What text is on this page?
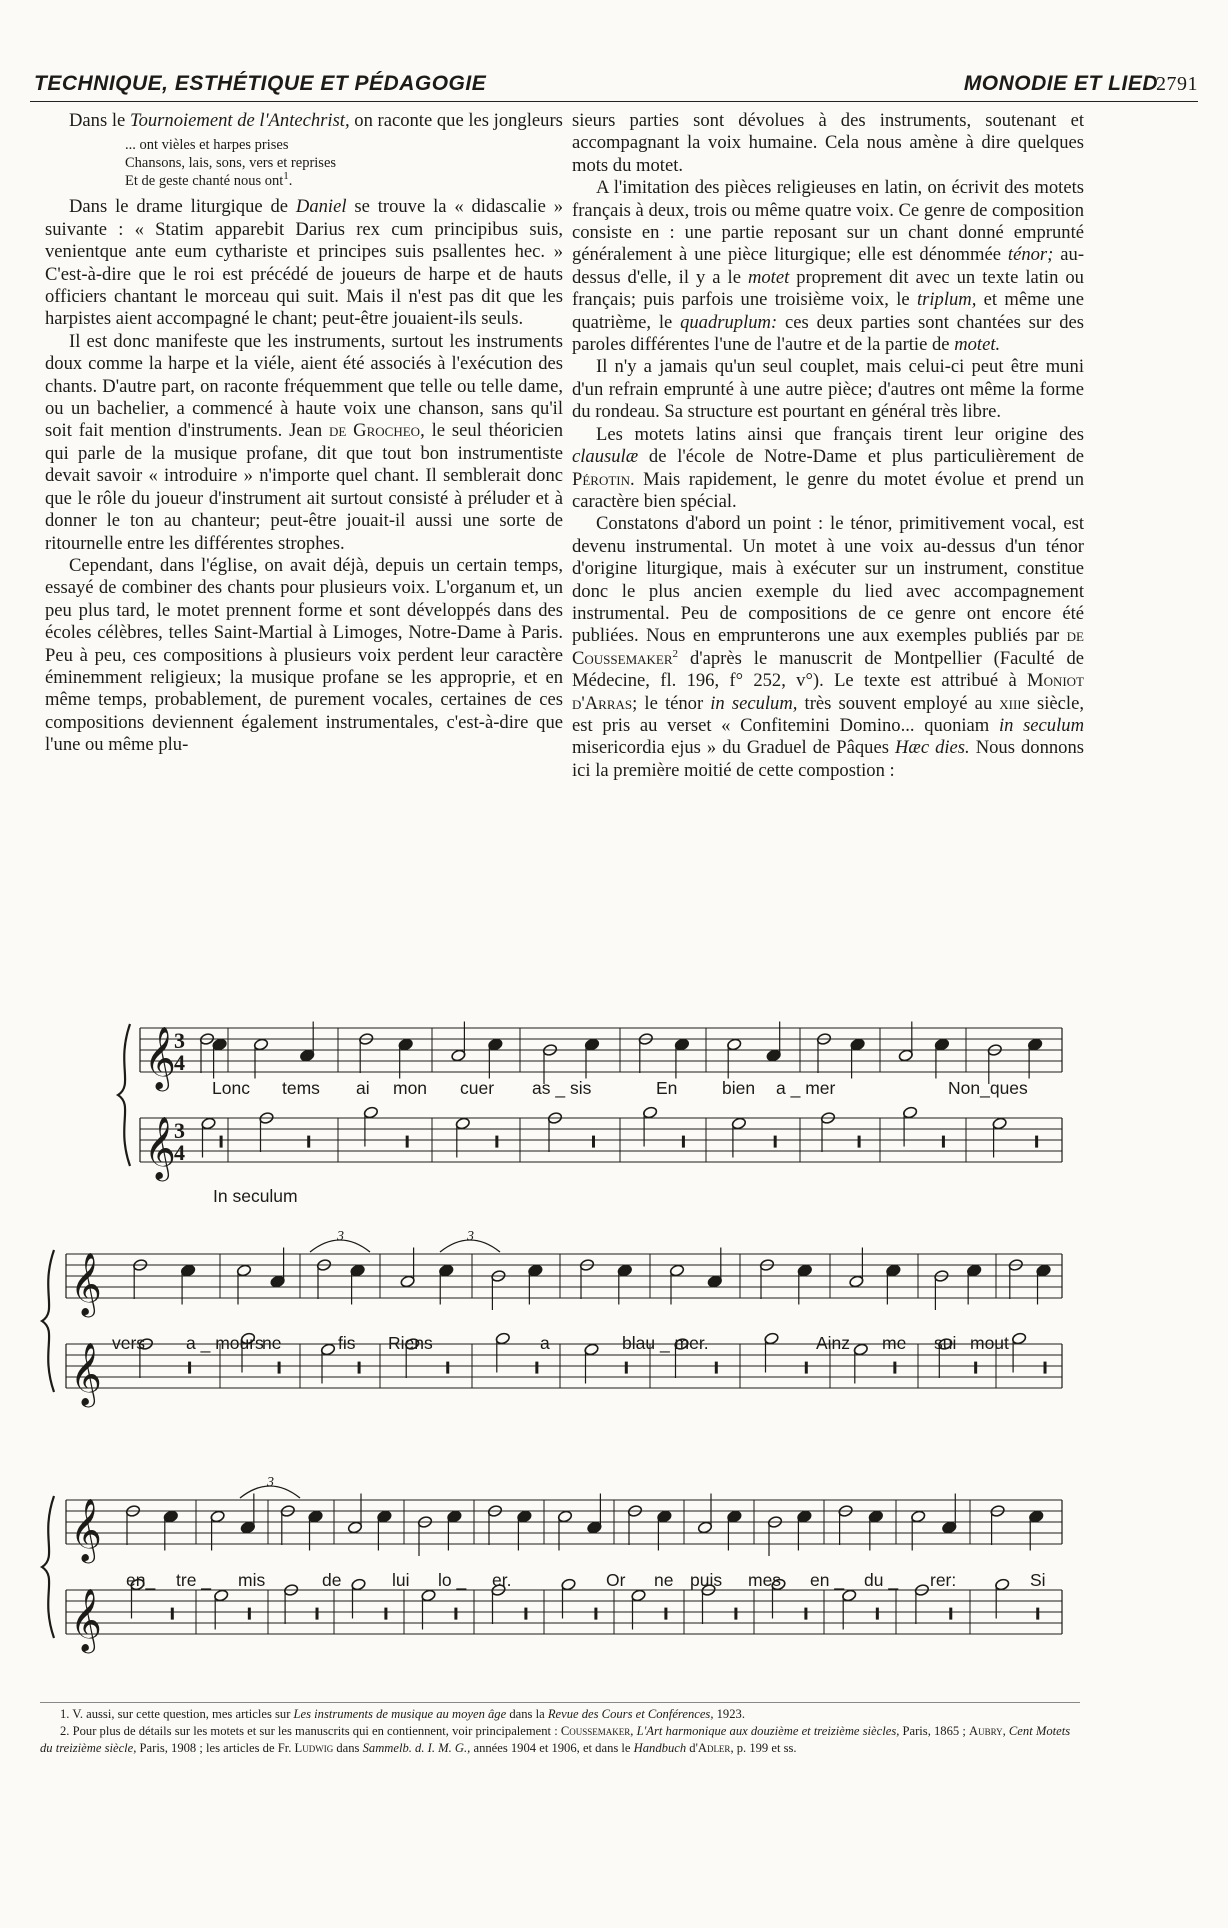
TECHNIQUE, ESTHÉTIQUE ET PÉDAGOGIE	MONODIE ET LIED
2791

Dans le Tournoiement de l'Antechrist, on raconte que les jongleurs

... ont vièles et harpes prises
Chansons, lais, sons, vers et reprises
Et de geste chanté nous ont$^1$.

Dans le drame liturgique de Daniel se trouve la « didascalie » suivante : « Statim apparebit Darius rex cum principibus suis, venientque ante eum cythariste et principes suis psallentes hec. » C'est-à-dire que le roi est précédé de joueurs de harpe et de hauts officiers chantant le morceau qui suit. Mais il n'est pas dit que les harpistes aient accompagné le chant; peut-être jouaient-ils seuls.

Il est donc manifeste que les instruments, surtout les instruments doux comme la harpe et la viéle, aient été associés à l'exécution des chants. D'autre part, on raconte fréquemment que telle ou telle dame, ou un bachelier, a commencé à haute voix une chanson, sans qu'il soit fait mention d'instruments. Jean de Grocheo, le seul théoricien qui parle de la musique profane, dit que tout bon instrumentiste devait savoir « introduire » n'importe quel chant. Il semblerait donc que le rôle du joueur d'instrument ait surtout consisté à préluder et à donner le ton au chanteur; peut-être jouait-il aussi une sorte de ritournelle entre les différentes strophes.

Cependant, dans l'église, on avait déjà, depuis un certain temps, essayé de combiner des chants pour plusieurs voix. L'organum et, un peu plus tard, le motet prennent forme et sont développés dans des écoles célèbres, telles Saint-Martial à Limoges, Notre-Dame à Paris. Peu à peu, ces compositions à plusieurs voix perdent leur caractère éminemment religieux; la musique profane se les approprie, et en même temps, probablement, de purement vocales, certaines de ces compositions deviennent également instrumentales, c'est-à-dire que l'une ou même plu-

sieurs parties sont dévolues à des instruments, soutenant et accompagnant la voix humaine. Cela nous amène à dire quelques mots du motet.

A l'imitation des pièces religieuses en latin, on écrivit des motets français à deux, trois ou même quatre voix. Ce genre de composition consiste en : une partie reposant sur un chant donné emprunté généralement à une pièce liturgique; elle est dénommée ténor; au-dessus d'elle, il y a le motet proprement dit avec un texte latin ou français; puis parfois une troisième voix, le triplum, et même une quatrième, le quadruplum: ces deux parties sont chantées sur des paroles différentes l'une de l'autre et de la partie de motet.

Il n'y a jamais qu'un seul couplet, mais celui-ci peut être muni d'un refrain emprunté à une autre pièce; d'autres ont même la forme du rondeau. Sa structure est pourtant en général très libre.

Les motets latins ainsi que français tirent leur origine des clausulæ de l'école de Notre-Dame et plus particulièrement de Pérotin. Mais rapidement, le genre du motet évolue et prend un caractère bien spécial.

Constatons d'abord un point : le ténor, primitivement vocal, est devenu instrumental. Un motet à une voix au-dessus d'un ténor d'origine liturgique, mais à exécuter sur un instrument, constitue donc le plus ancien exemple du lied avec accompagnement instrumental. Peu de compositions de ce genre ont encore été publiées. Nous en emprunterons une aux exemples publiés par de Coussemaker$^2$ d'après le manuscrit de Montpellier (Faculté de Médecine, fl. 196, f° 252, v°). Le texte est attribué à Moniot d'Arras; le ténor in seculum, très souvent employé au xiiie siècle, est pris au verset « Confitemini Domino... quoniam in seculum misericordia ejus » du Graduel de Pâques Hæc dies. Nous donnons ici la première moitié de cette compostion :

𝄞
3
4
𝄞
3
4
𝄞
𝄞
3	3
𝄞
𝄞
3
Lonc tems ai mon cuer as _ sis	En	bien a _ mer	Non_ques
vers a _ mours
ne	fis Riens	a	blau _ mer.	Ainz me sui mout
en_ tre _ mis	de	lui lo _ er.	Or ne puis mes en _ du _ rer:	Si
In seculum

1. V. aussi, sur cette question, mes articles sur Les instruments de musique au moyen âge dans la Revue des Cours et Conférences, 1923.

2. Pour plus de détails sur les motets et sur les manuscrits qui en contiennent, voir principalement : Coussemaker, L'Art harmonique aux douzième et treizième siècles, Paris, 1865 ; Aubry, Cent Motets du treizième siècle, Paris, 1908 ; les articles de Fr. Ludwig dans Sammelb. d. I. M. G., années 1904 et 1906, et dans le Handbuch d'Adler, p. 199 et ss.
